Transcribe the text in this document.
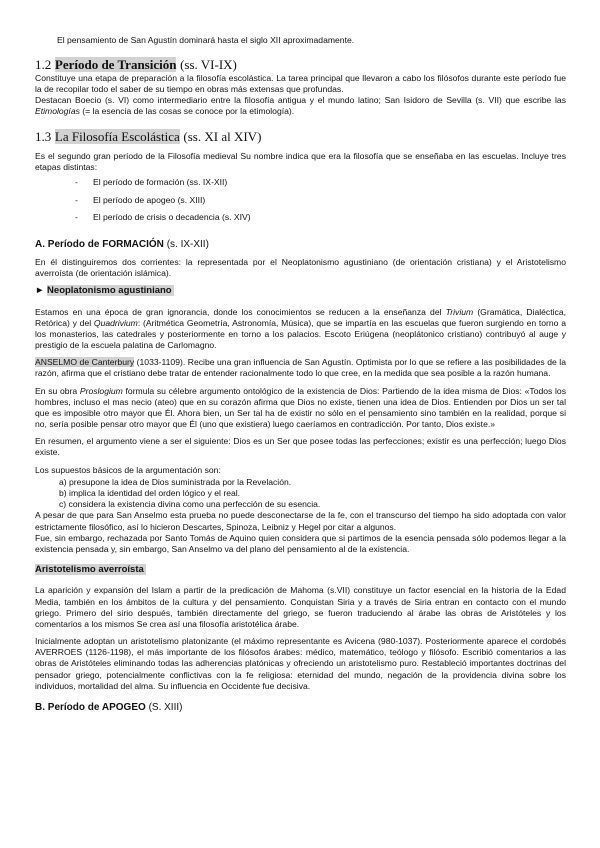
El pensamiento de San Agustín dominará hasta el siglo XII aproximadamente.

1.2 Período de Transición (ss. VI-IX)

Constituye una etapa de preparación a la filosofía escolástica. La tarea principal que llevaron a cabo los filósofos durante este período fue la de recopilar todo el saber de su tiempo en obras más extensas que profundas.

Destacan Boecio (s. VI) como intermediario entre la filosofía antigua y el mundo latino; San Isidoro de Sevilla (s. VII) que escribe las Etimologías (= la esencia de las cosas se conoce por la etimología).

1.3 La Filosofía Escolástica (ss. XI al XIV)

Es el segundo gran período de la Filosofía medieval Su nombre indica que era la filosofía que se enseñaba en las escuelas. Incluye tres etapas distintas:

- El período de formación (ss. IX-XII)
- El período de apogeo (s. XIII)
- El período de crisis o decadencia (s. XIV)
A. Período de FORMACIÓN (s. IX-XII)

En él distinguiremos dos corrientes: la representada por el Neoplatonismo agustiniano (de orientación cristiana) y el Aristotelismo averroísta (de orientación islámica).

► Neoplatonismo agustiniano

Estamos en una época de gran ignorancia, donde los conocimientos se reducen a la enseñanza del Trivium (Gramática, Dialéctica, Retórica) y del Quadrivium: (Aritmética Geometría, Astronomía, Música), que se impartía en las escuelas que fueron surgiendo en torno a los monasterios, las catedrales y posteriormente en torno a los palacios. Escoto Eriúgena (neoplátonico cristiano) contribuyó al auge y prestigio de la escuela palatina de Carlomagno.

ANSELMO de Canterbury (1033-1109). Recibe una gran influencia de San Agustín. Optimista por lo que se refiere a las posibilidades de la razón, afirma que el cristiano debe tratar de entender racionalmente todo lo que cree, en la medida que sea posible a la razón humana.

En su obra Proslogium formula su célebre argumento ontológico de la existencia de Dios: Partiendo de la idea misma de Dios: «Todos los hombres, incluso el mas necio (ateo) que en su corazón afirma que Dios no existe, tienen una idea de Dios. Entienden por Dios un ser tal que es imposible otro mayor que Él. Ahora bien, un Ser tal ha de existir no sólo en el pensamiento sino también en la realidad, porque si no, sería posible pensar otro mayor que Él (uno que existiera) luego caeríamos en contradicción. Por tanto, Dios existe.»

En resumen, el argumento viene a ser el siguiente: Dios es un Ser que posee todas las perfecciones; existir es una perfección; luego Dios existe.

Los supuestos básicos de la argumentación son:

a) presupone la idea de Dios suministrada por la Revelación.
b) implica la identidad del orden lógico y el real.
c) considera la existencia divina como una perfección de su esencia.

A pesar de que para San Anselmo esta prueba no puede desconectarse de la fe, con el transcurso del tiempo ha sido adoptada con valor estrictamente filosófico, así lo hicieron Descartes, Spinoza, Leibniz y Hegel por citar a algunos.

Fue, sin embargo, rechazada por Santo Tomás de Aquino quien considera que si partimos de la esencia pensada sólo podemos llegar a la existencia pensada y, sin embargo, San Anselmo va del plano del pensamiento al de la existencia.

Aristotelismo averroísta

La aparición y expansión del Islam a partir de la predicación de Mahoma (s.VII) constituye un factor esencial en la historia de la Edad Media, también en los ámbitos de la cultura y del pensamiento. Conquistan Siria y a través de Siria entran en contacto con el mundo griego. Primero del sirio después, también directamente del griego, se fueron traduciendo al árabe las obras de Aristóteles y los comentarios a los mismos Se crea así una filosofía aristotélica árabe.

Inicialmente adoptan un aristotelismo platonizante (el máximo representante es Avicena (980-1037). Posteriormente aparece el cordobés AVERROES (1126-1198), el más importante de los filósofos árabes: médico, matemático, teólogo y filósofo. Escribió comentarios a las obras de Aristóteles eliminando todas las adherencias platónicas y ofreciendo un aristotelismo puro. Restableció importantes doctrinas del pensador griego, potencialmente conflictivas con la fe religiosa: eternidad del mundo, negación de la providencia divina sobre los individuos, mortalidad del alma. Su influencia en Occidente fue decisiva.

B. Período de APOGEO (S. XIII)
